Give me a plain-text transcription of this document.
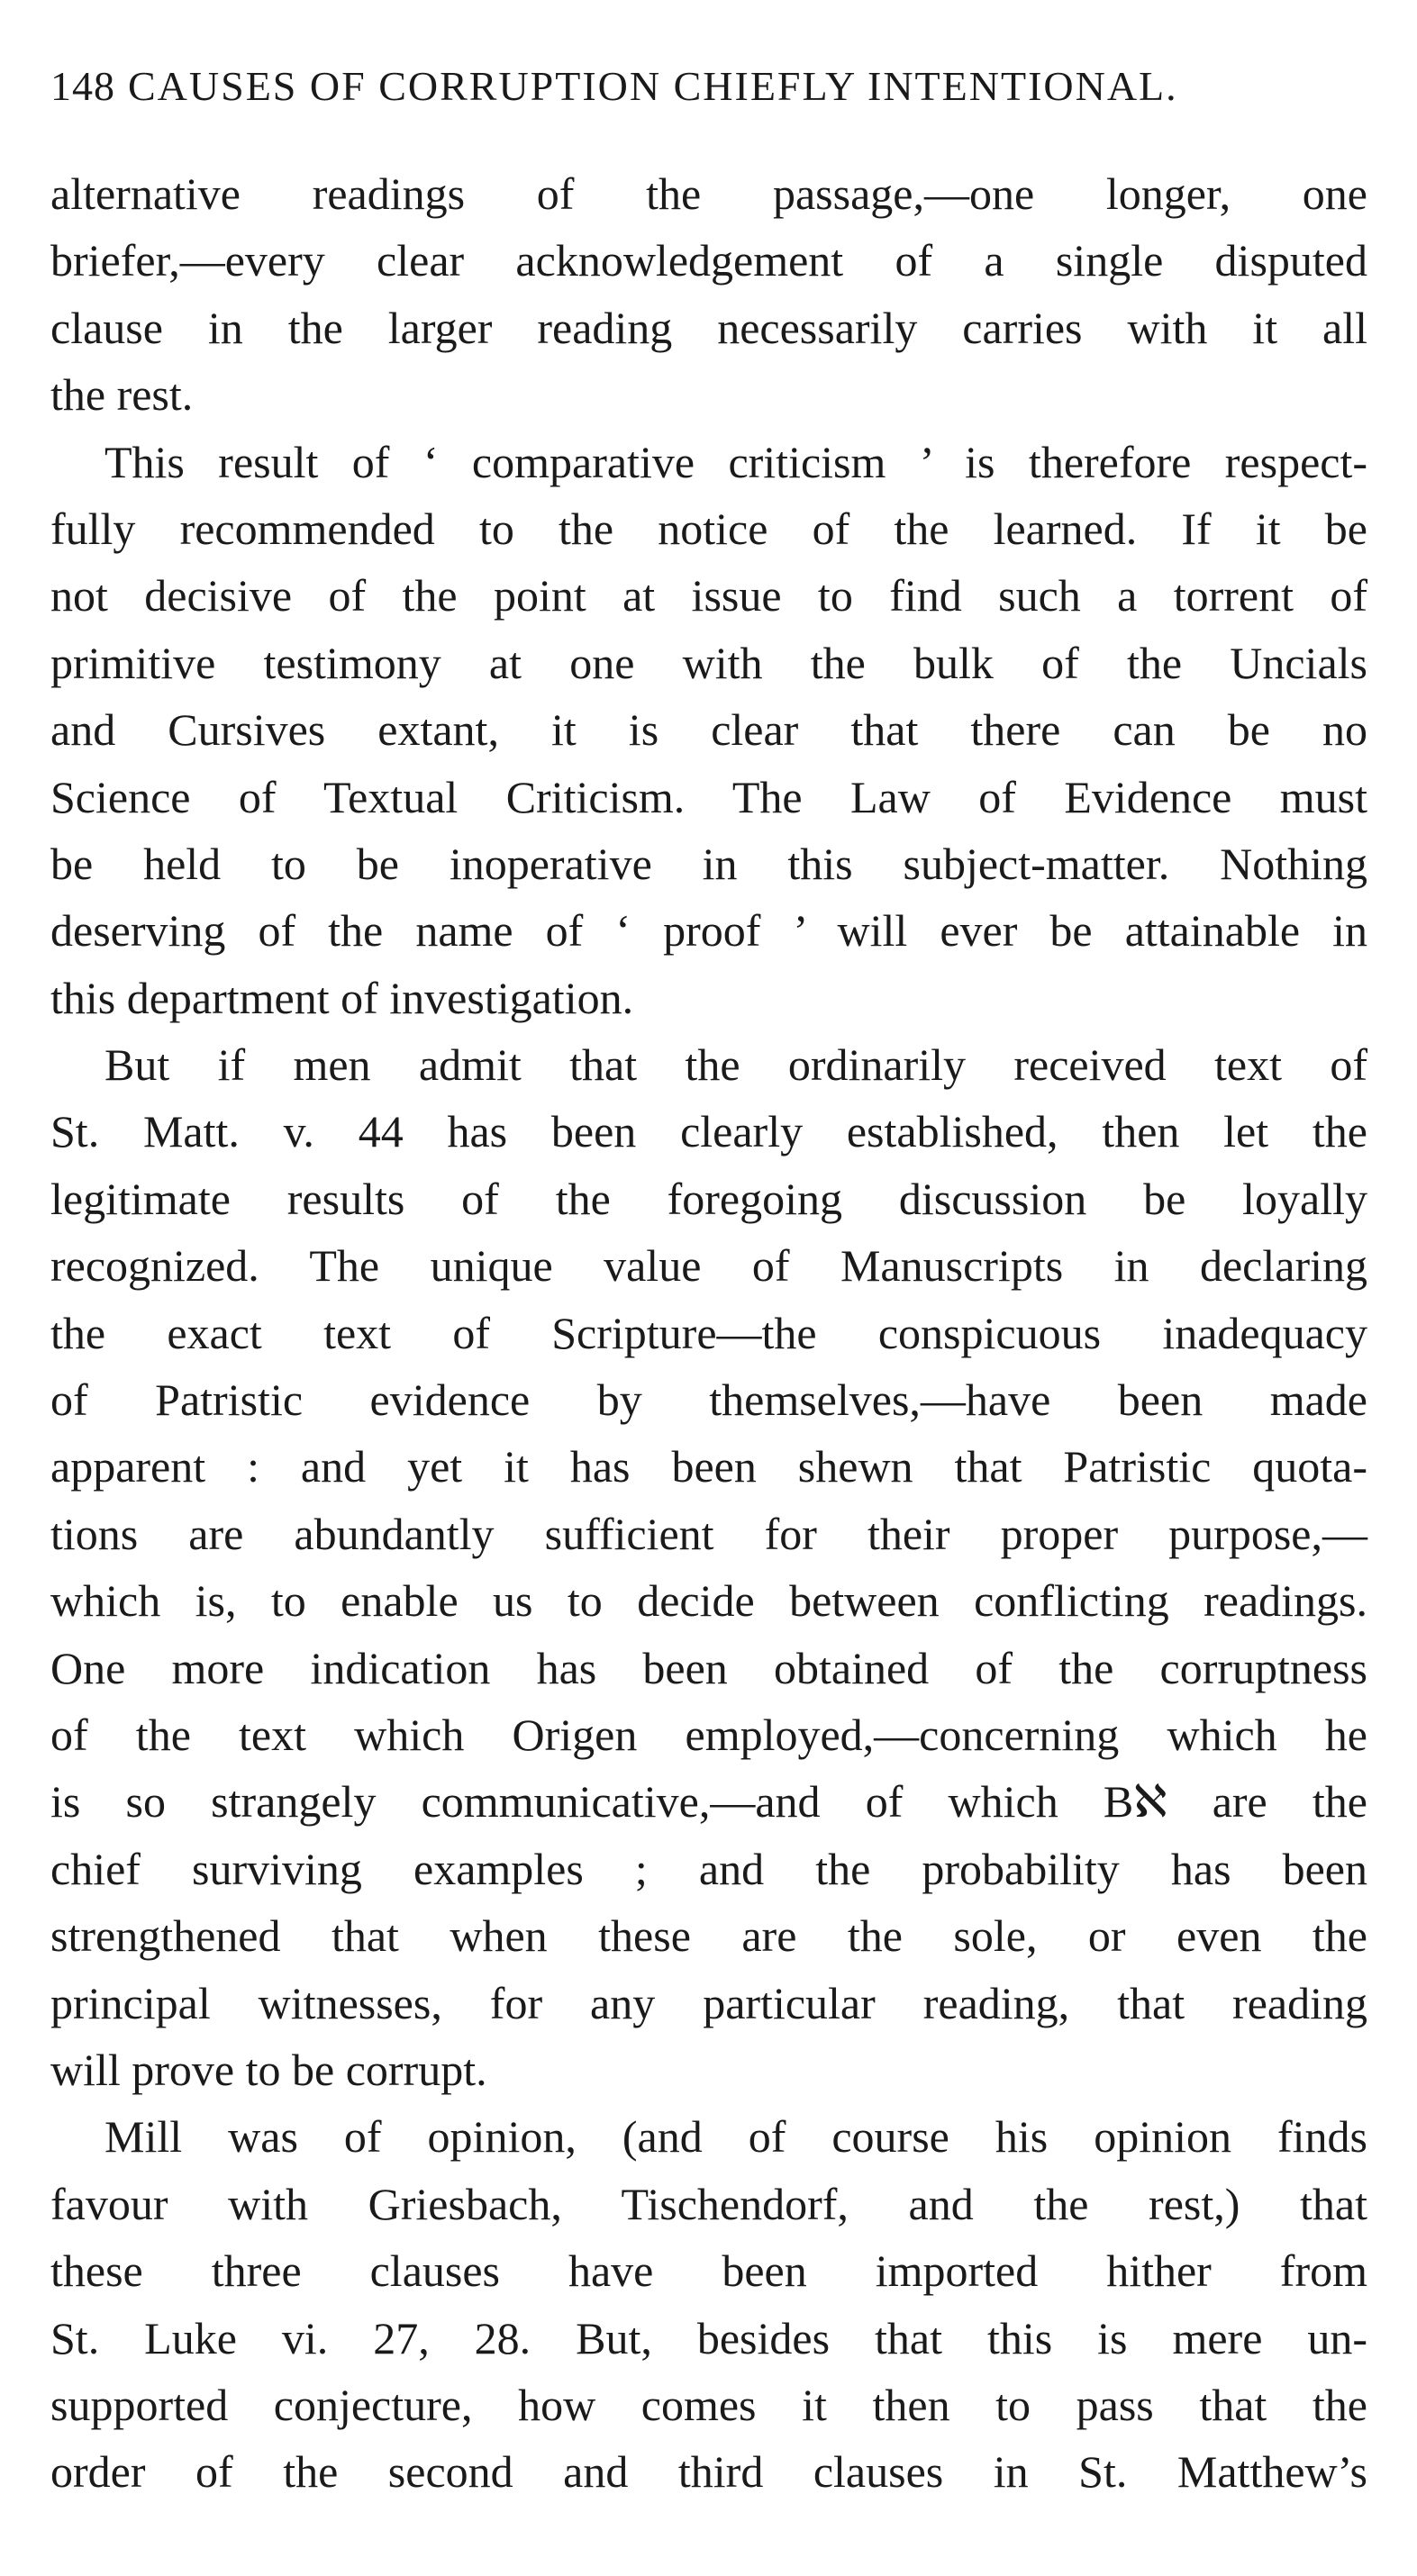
148 CAUSES OF CORRUPTION CHIEFLY INTENTIONAL.
alternative readings of the passage,—one longer, one
briefer,—every clear acknowledgement of a single disputed
clause in the larger reading necessarily carries with it all
the rest.
This result of ‘ comparative criticism ’ is therefore respect-
fully recommended to the notice of the learned. If it be
not decisive of the point at issue to find such a torrent of
primitive testimony at one with the bulk of the Uncials
and Cursives extant, it is clear that there can be no
Science of Textual Criticism. The Law of Evidence must
be held to be inoperative in this subject-matter. Nothing
deserving of the name of ‘ proof ’ will ever be attainable in
this department of investigation.
But if men admit that the ordinarily received text of
St. Matt. v. 44 has been clearly established, then let the
legitimate results of the foregoing discussion be loyally
recognized. The unique value of Manuscripts in declaring
the exact text of Scripture—the conspicuous inadequacy
of Patristic evidence by themselves,—have been made
apparent : and yet it has been shewn that Patristic quota-
tions are abundantly sufficient for their proper purpose,—
which is, to enable us to decide between conflicting readings.
One more indication has been obtained of the corruptness
of the text which Origen employed,—concerning which he
is so strangely communicative,—and of which Bℵ are the
chief surviving examples ; and the probability has been
strengthened that when these are the sole, or even the
principal witnesses, for any particular reading, that reading
will prove to be corrupt.
Mill was of opinion, (and of course his opinion finds
favour with Griesbach, Tischendorf, and the rest,) that
these three clauses have been imported hither from
St. Luke vi. 27, 28. But, besides that this is mere un-
supported conjecture, how comes it then to pass that the
order of the second and third clauses in St. Matthew’s
